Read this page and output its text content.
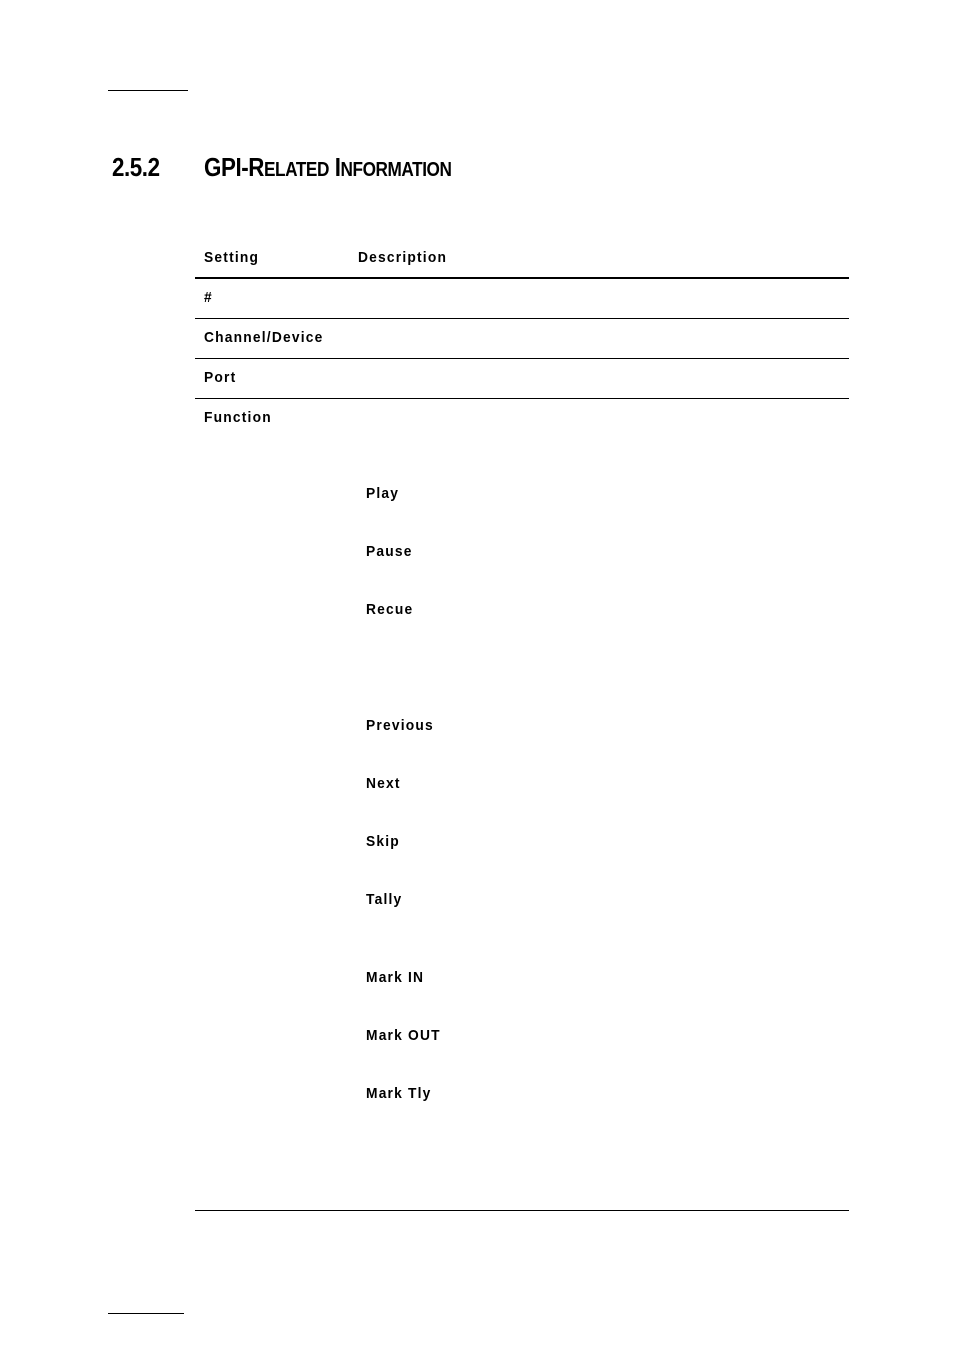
2.5.2 GPI-RELATED INFORMATION
Setting	Description
#
Channel/Device
Port
Function
Play
Pause
Recue
Previous
Next
Skip
Tally
Mark IN
Mark OUT
Mark Tly
